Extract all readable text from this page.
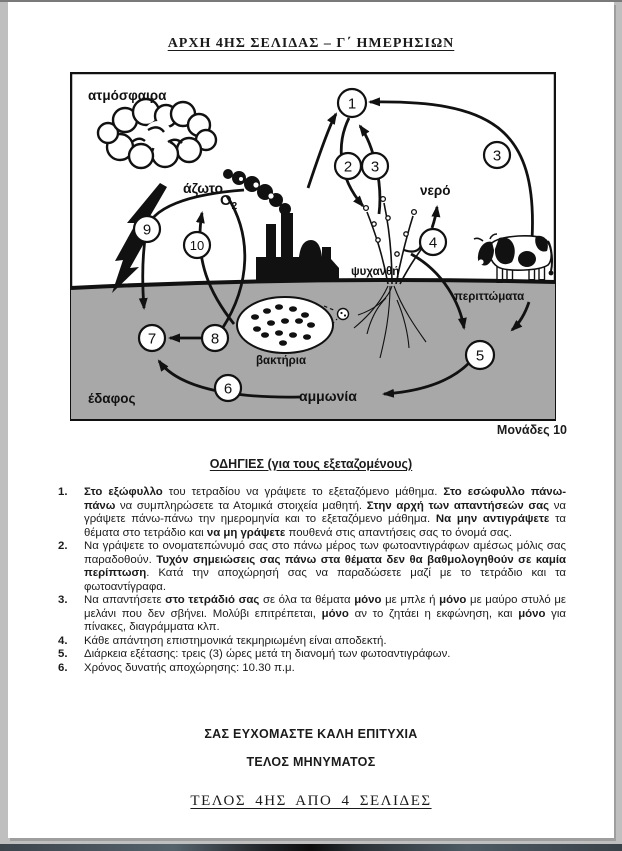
ΑΡΧΗ 4ΗΣ ΣΕΛΙΔΑΣ – Γ΄ ΗΜΕΡΗΣΙΩΝ
1
2 3
3
4
5
6
7	8
9
10
ατμόσφαιρα
$O_2$
άζωτο	νερό
ψυχανθή
περιττώματα
βακτήρια
αμμωνία
έδαφος
Μονάδες 10
ΟΔΗΓΙΕΣ (για τους εξεταζομένους)
1.	Στο εξώφυλλο του τετραδίου να γράψετε το εξεταζόμενο μάθημα. Στο εσώφυλλο πάνω-πάνω να συμπληρώσετε τα Ατομικά στοιχεία μαθητή. Στην αρχή των απαντήσεών σας να γράψετε πάνω-πάνω την ημερομηνία και το εξεταζόμενο μάθημα. Να μην αντιγράψετε τα θέματα στο τετράδιο και να μη γράψετε πουθενά στις απαντήσεις σας το όνομά σας.
2.	Να γράψετε το ονοματεπώνυμό σας στο πάνω μέρος των φωτοαντιγράφων αμέσως μόλις σας παραδοθούν. Τυχόν σημειώσεις σας πάνω στα θέματα δεν θα βαθμολογηθούν σε καμία περίπτωση. Κατά την αποχώρησή σας να παραδώσετε μαζί με το τετράδιο και τα φωτοαντίγραφα.
3.	Να απαντήσετε στο τετράδιό σας σε όλα τα θέματα μόνο με μπλε ή μόνο με μαύρο στυλό με μελάνι που δεν σβήνει. Μολύβι επιτρέπεται, μόνο αν το ζητάει η εκφώνηση, και μόνο για πίνακες, διαγράμματα κλπ.
4.	Κάθε απάντηση επιστημονικά τεκμηριωμένη είναι αποδεκτή.
5.	Διάρκεια εξέτασης: τρεις (3) ώρες μετά τη διανομή των φωτοαντιγράφων.
6.	Χρόνος δυνατής αποχώρησης: 10.30 π.μ.
ΣΑΣ ΕΥΧΟΜΑΣΤΕ ΚΑΛΗ ΕΠΙΤΥΧΙΑ
ΤΕΛΟΣ ΜΗΝΥΜΑΤΟΣ
ΤΕΛΟΣ 4ΗΣ ΑΠΟ 4 ΣΕΛΙΔΕΣ
